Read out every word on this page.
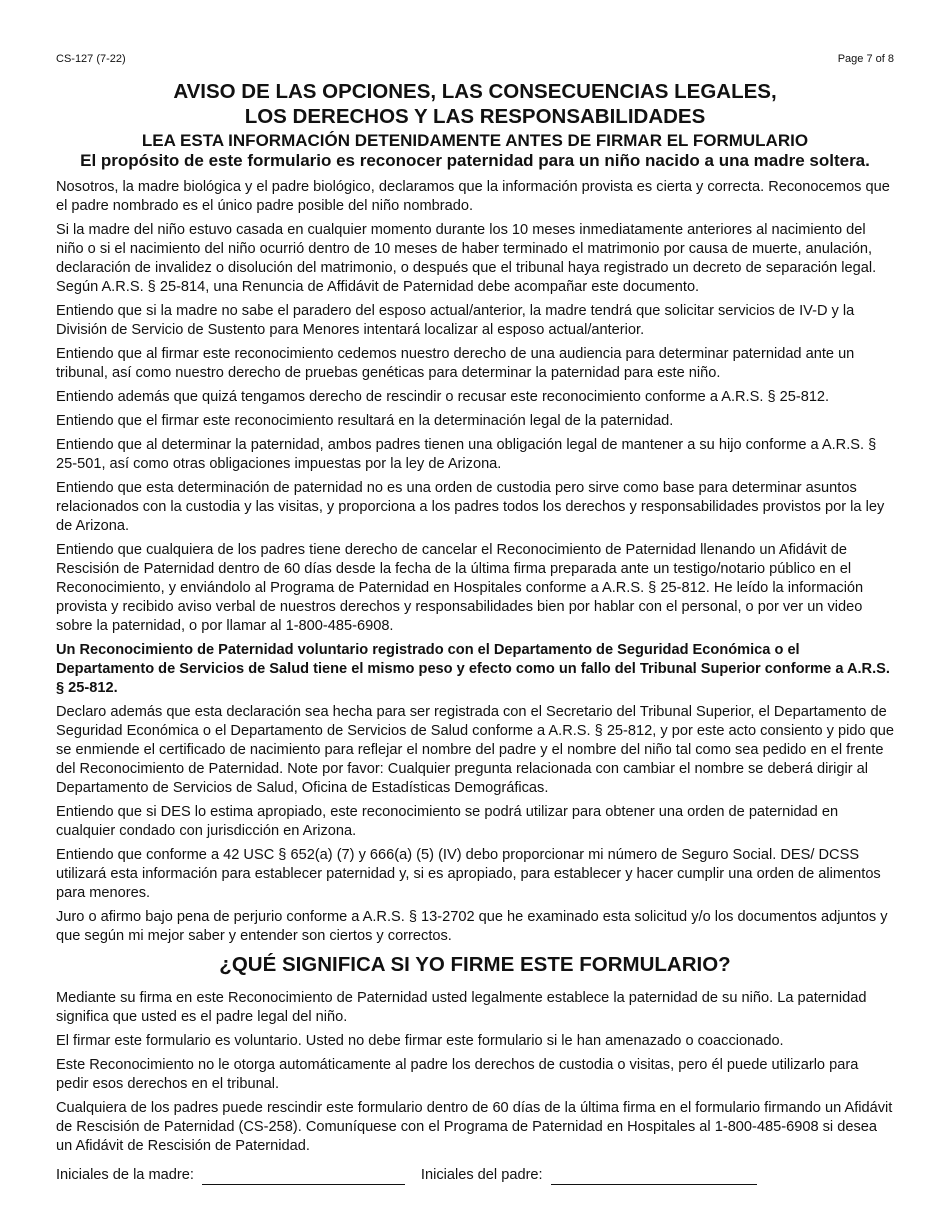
CS-127 (7-22)	Page 7 of 8
AVISO DE LAS OPCIONES, LAS CONSECUENCIAS LEGALES,
LOS DERECHOS Y LAS RESPONSABILIDADES
LEA ESTA INFORMACIÓN DETENIDAMENTE ANTES DE FIRMAR EL FORMULARIO
El propósito de este formulario es reconocer paternidad para un niño nacido a una madre soltera.

Nosotros, la madre biológica y el padre biológico, declaramos que la información provista es cierta y correcta. Reconocemos que el padre nombrado es el único padre posible del niño nombrado.

Si la madre del niño estuvo casada en cualquier momento durante los 10 meses inmediatamente anteriores al nacimiento del niño o si el nacimiento del niño ocurrió dentro de 10 meses de haber terminado el matrimonio por causa de muerte, anulación, declaración de invalidez o disolución del matrimonio, o después que el tribunal haya registrado un decreto de separación legal. Según A.R.S. § 25-814, una Renuncia de Affidávit de Paternidad debe acompañar este documento.

Entiendo que si la madre no sabe el paradero del esposo actual/anterior, la madre tendrá que solicitar servicios de IV-D y la División de Servicio de Sustento para Menores intentará localizar al esposo actual/anterior.

Entiendo que al firmar este reconocimiento cedemos nuestro derecho de una audiencia para determinar paternidad ante un tribunal, así como nuestro derecho de pruebas genéticas para determinar la paternidad para este niño.

Entiendo además que quizá tengamos derecho de rescindir o recusar este reconocimiento conforme a A.R.S. § 25-812.

Entiendo que el firmar este reconocimiento resultará en la determinación legal de la paternidad.

Entiendo que al determinar la paternidad, ambos padres tienen una obligación legal de mantener a su hijo conforme a A.R.S. § 25-501, así como otras obligaciones impuestas por la ley de Arizona.

Entiendo que esta determinación de paternidad no es una orden de custodia pero sirve como base para determinar asuntos relacionados con la custodia y las visitas, y proporciona a los padres todos los derechos y responsabilidades provistos por la ley de Arizona.

Entiendo que cualquiera de los padres tiene derecho de cancelar el Reconocimiento de Paternidad llenando un Afidávit de Rescisión de Paternidad dentro de 60 días desde la fecha de la última firma preparada ante un testigo/notario público en el Reconocimiento, y enviándolo al Programa de Paternidad en Hospitales conforme a A.R.S. § 25-812. He leído la información provista y recibido aviso verbal de nuestros derechos y responsabilidades bien por hablar con el personal, o por ver un video sobre la paternidad, o por llamar al 1-800-485-6908.

Un Reconocimiento de Paternidad voluntario registrado con el Departamento de Seguridad Económica o el Departamento de Servicios de Salud tiene el mismo peso y efecto como un fallo del Tribunal Superior conforme a A.R.S. § 25-812.

Declaro además que esta declaración sea hecha para ser registrada con el Secretario del Tribunal Superior, el Departamento de Seguridad Económica o el Departamento de Servicios de Salud conforme a A.R.S. § 25-812, y por este acto consiento y pido que se enmiende el certificado de nacimiento para reflejar el nombre del padre y el nombre del niño tal como sea pedido en el frente del Reconocimiento de Paternidad. Note por favor: Cualquier pregunta relacionada con cambiar el nombre se deberá dirigir al Departamento de Servicios de Salud, Oficina de Estadísticas Demográficas.

Entiendo que si DES lo estima apropiado, este reconocimiento se podrá utilizar para obtener una orden de paternidad en cualquier condado con jurisdicción en Arizona.

Entiendo que conforme a 42 USC § 652(a) (7) y 666(a) (5) (IV) debo proporcionar mi número de Seguro Social. DES/ DCSS utilizará esta información para establecer paternidad y, si es apropiado, para establecer y hacer cumplir una orden de alimentos para menores.

Juro o afirmo bajo pena de perjurio conforme a A.R.S. § 13-2702 que he examinado esta solicitud y/o los documentos adjuntos y que según mi mejor saber y entender son ciertos y correctos.

¿QUÉ SIGNIFICA SI YO FIRME ESTE FORMULARIO?

Mediante su firma en este Reconocimiento de Paternidad usted legalmente establece la paternidad de su niño. La paternidad significa que usted es el padre legal del niño.

El firmar este formulario es voluntario. Usted no debe firmar este formulario si le han amenazado o coaccionado.

Este Reconocimiento no le otorga automáticamente al padre los derechos de custodia o visitas, pero él puede utilizarlo para pedir esos derechos en el tribunal.

Cualquiera de los padres puede rescindir este formulario dentro de 60 días de la última firma en el formulario firmando un Afidávit de Rescisión de Paternidad (CS-258). Comuníquese con el Programa de Paternidad en Hospitales al 1-800-485-6908 si desea un Afidávit de Rescisión de Paternidad.

Iniciales de la madre:	Iniciales del padre:
